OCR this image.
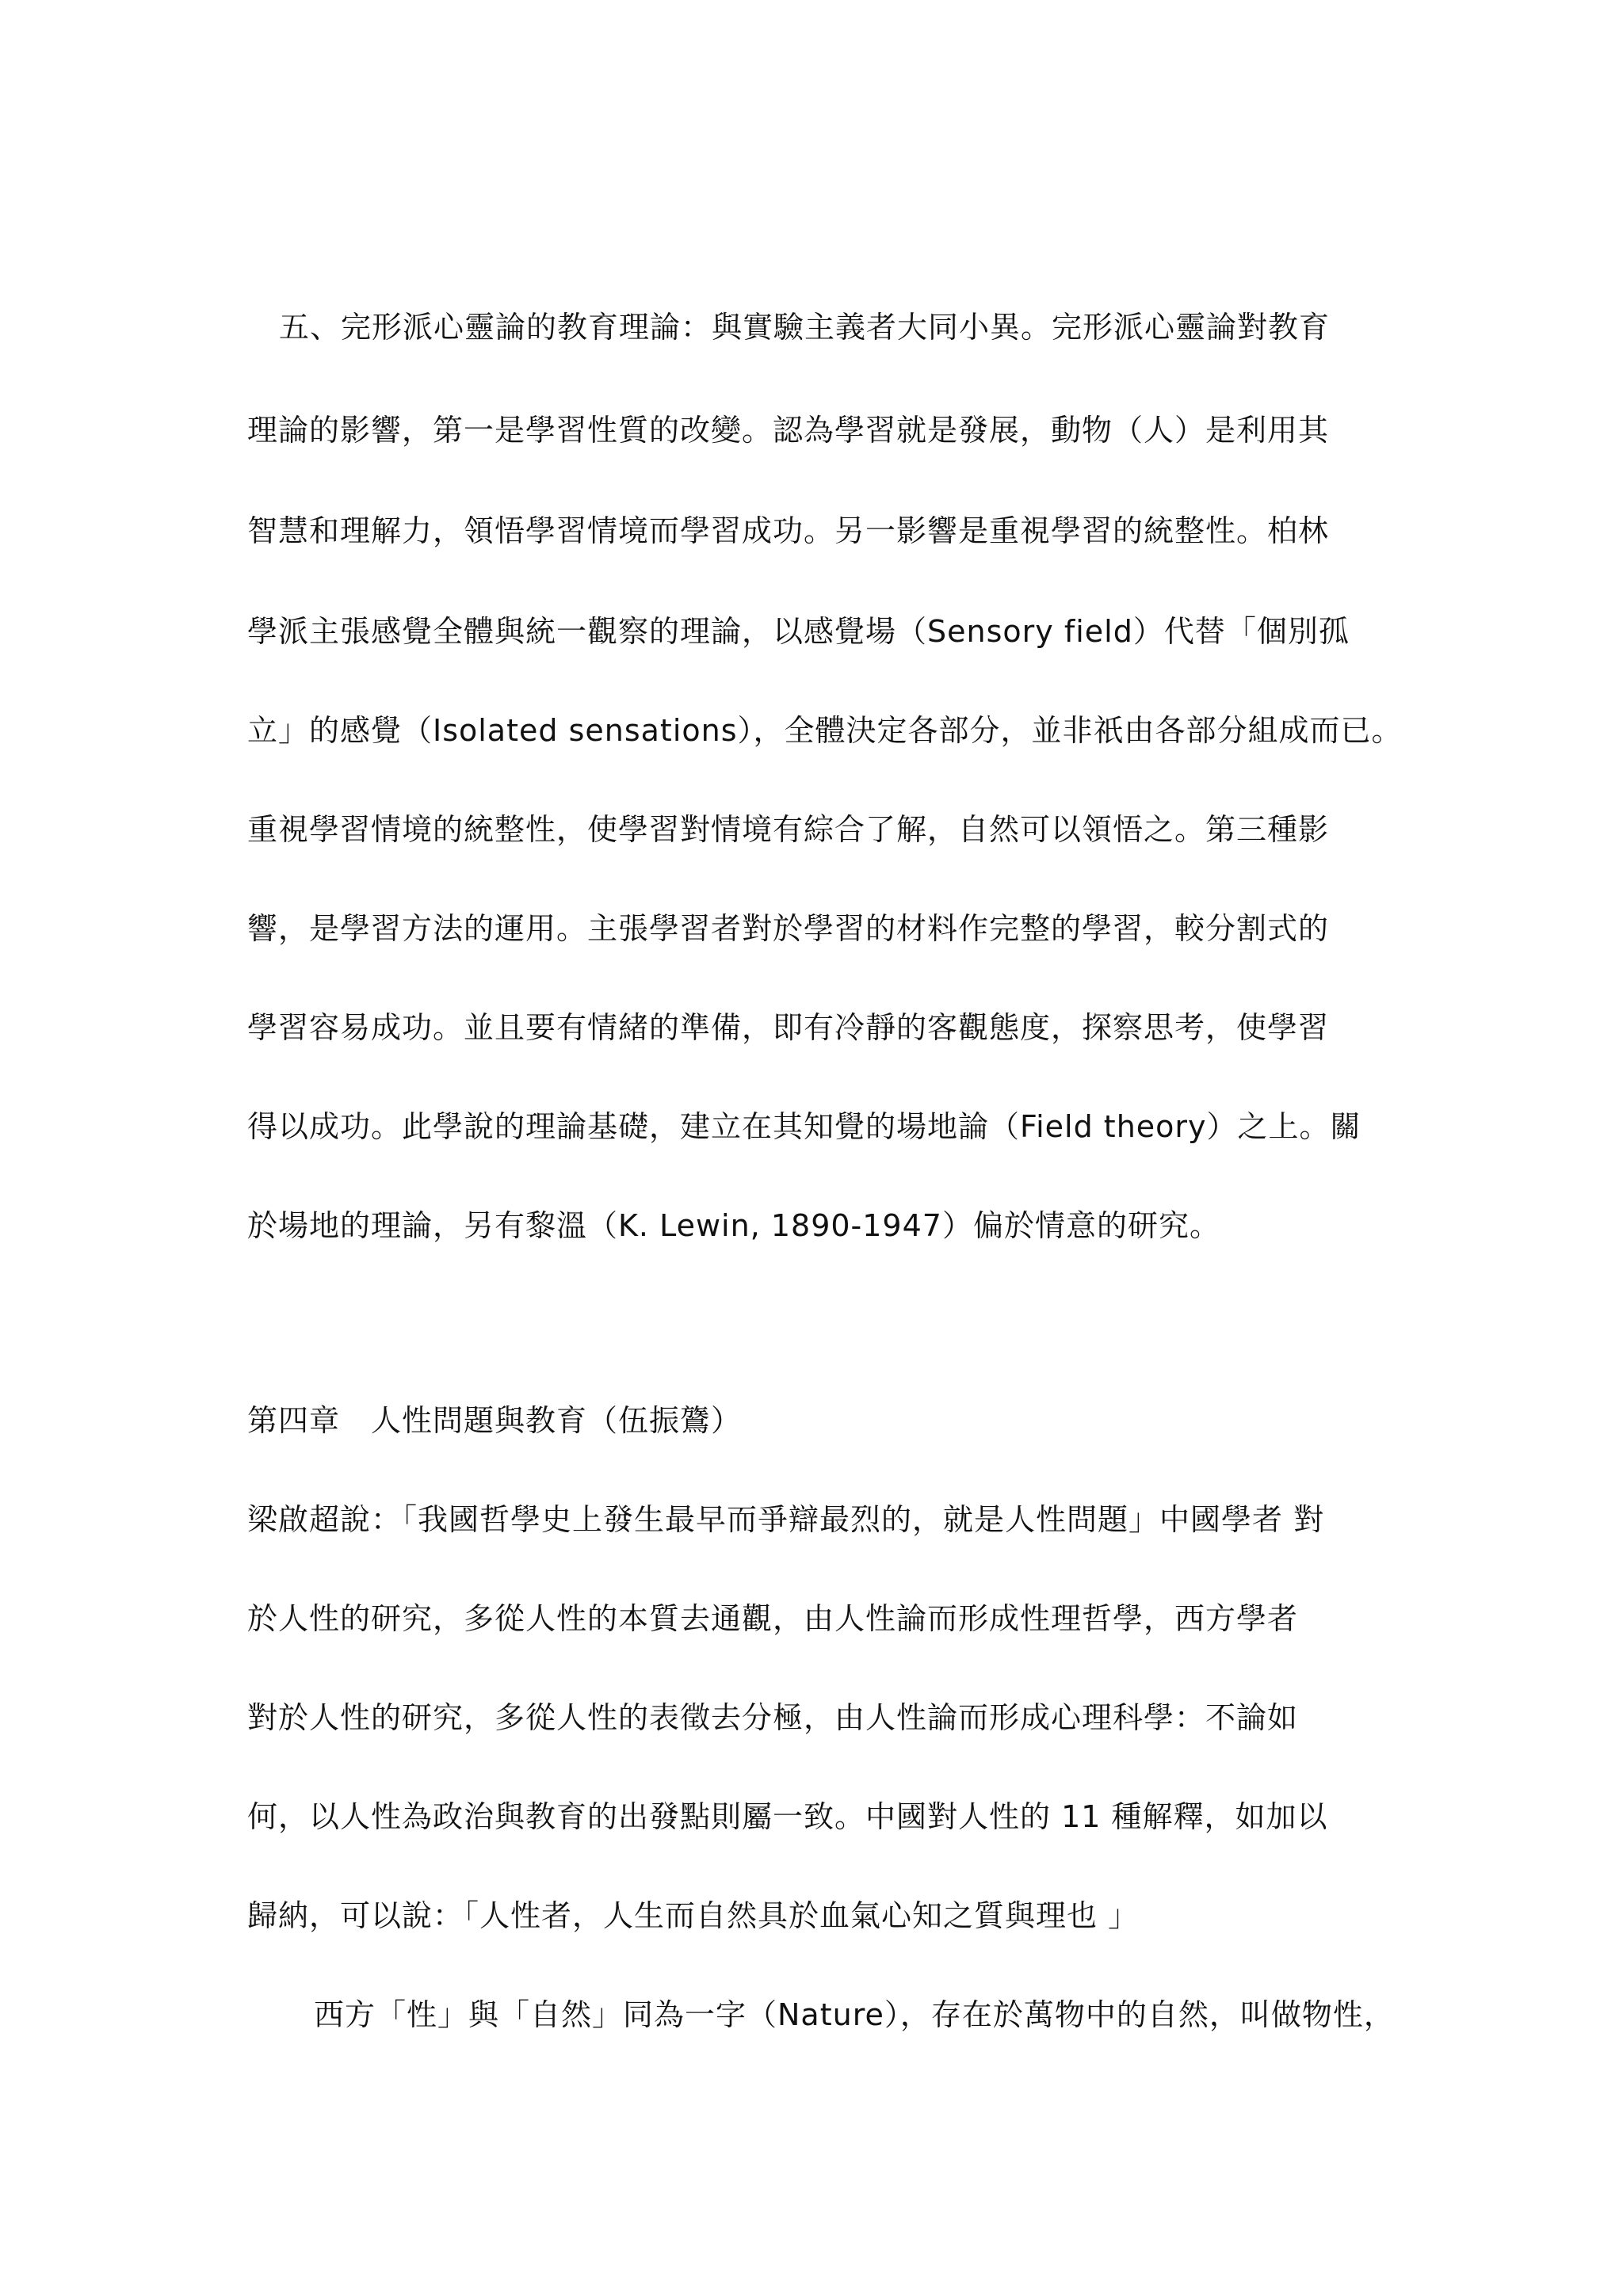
五、完形派心靈論的教育理論：與實驗主義者大同小異。完形派心靈論對教育
理論的影響，第一是學習性質的改變。認為學習就是發展，動物（人）是利用其
智慧和理解力，領悟學習情境而學習成功。另一影響是重視學習的統整性。柏林
學派主張感覺全體與統一觀察的理論，以感覺場（Sensory field）代替「個別孤
立」的感覺（Isolated sensations），全體決定各部分，並非祇由各部分組成而已。
重視學習情境的統整性，使學習對情境有綜合了解，自然可以領悟之。第三種影
響，是學習方法的運用。主張學習者對於學習的材料作完整的學習，較分割式的
學習容易成功。並且要有情緒的準備，即有冷靜的客觀態度，探察思考，使學習
得以成功。此學說的理論基礎，建立在其知覺的場地論（Field theory）之上。關
於場地的理論，另有黎溫（K. Lewin, 1890-1947）偏於情意的研究。
第四章　人性問題與教育（伍振鷟）
梁啟超說：「我國哲學史上發生最早而爭辯最烈的，就是人性問題」中國學者 對
於人性的研究，多從人性的本質去通觀，由人性論而形成性理哲學，西方學者
對於人性的研究，多從人性的表徵去分極，由人性論而形成心理科學：不論如
何，以人性為政治與教育的出發點則屬一致。中國對人性的 11 種解釋，如加以
歸納，可以說：「人性者，人生而自然具於血氣心知之質與理也 」
西方「性」與「自然」同為一字（Nature），存在於萬物中的自然，叫做物性，
